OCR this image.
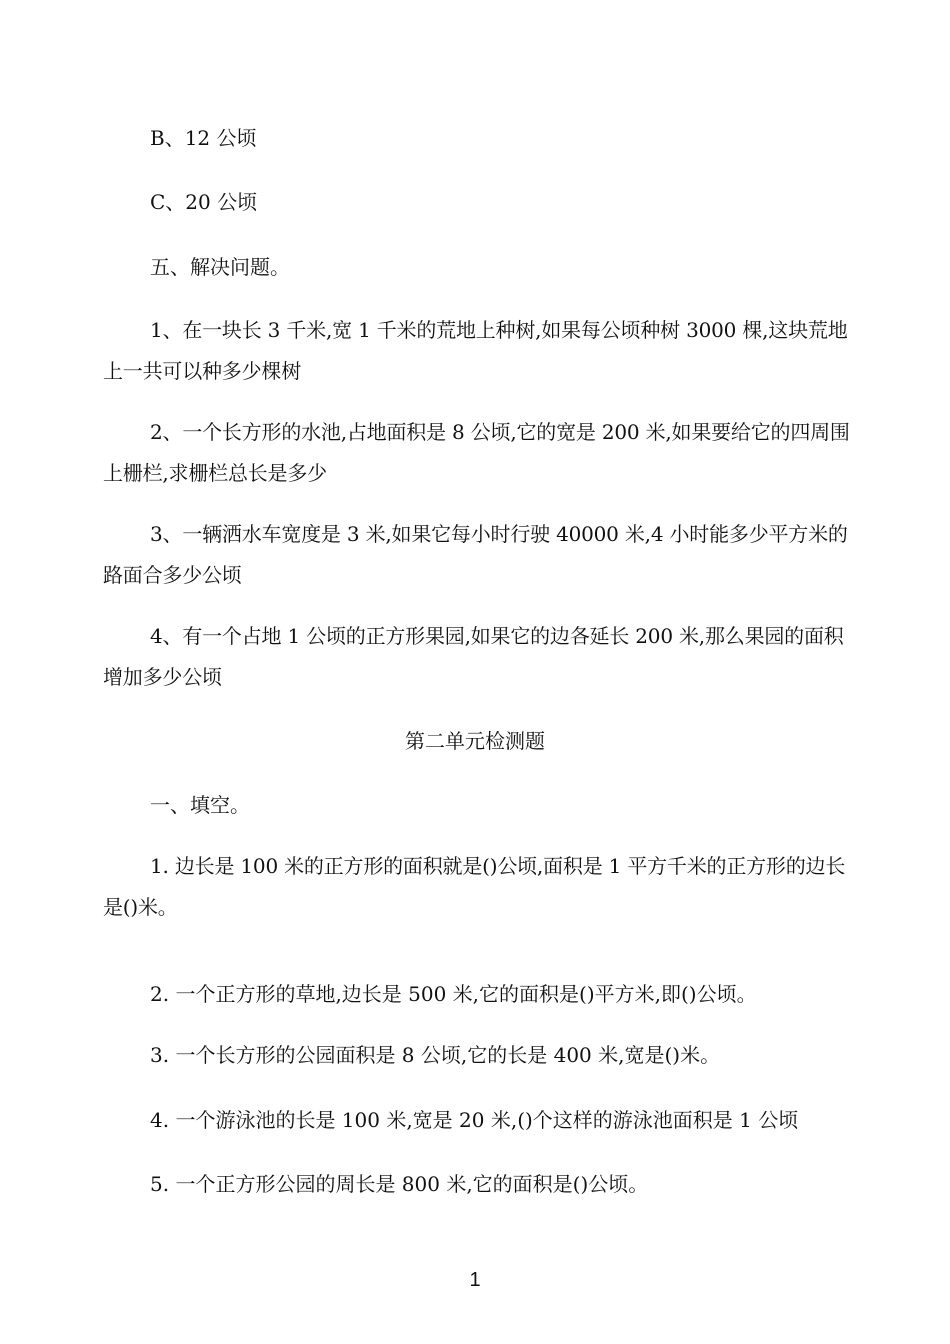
B、12 公顷
C、20 公顷
五、解决问题。
1、在一块长 3 千米,宽 1 千米的荒地上种树,如果每公顷种树 3000 棵,这块荒地上一共可以种多少棵树
2、一个长方形的水池,占地面积是 8 公顷,它的宽是 200 米,如果要给它的四周围上栅栏,求栅栏总长是多少
3、一辆洒水车宽度是 3 米,如果它每小时行驶 40000 米,4 小时能多少平方米的路面合多少公顷
4、有一个占地 1 公顷的正方形果园,如果它的边各延长 200 米,那么果园的面积增加多少公顷
第二单元检测题
一、填空。
1. 边长是 100 米的正方形的面积就是()公顷,面积是 1 平方千米的正方形的边长是()米。
2. 一个正方形的草地,边长是 500 米,它的面积是()平方米,即()公顷。
3. 一个长方形的公园面积是 8 公顷,它的长是 400 米,宽是()米。
4. 一个游泳池的长是 100 米,宽是 20 米,()个这样的游泳池面积是 1 公顷
5. 一个正方形公园的周长是 800 米,它的面积是()公顷。
1
